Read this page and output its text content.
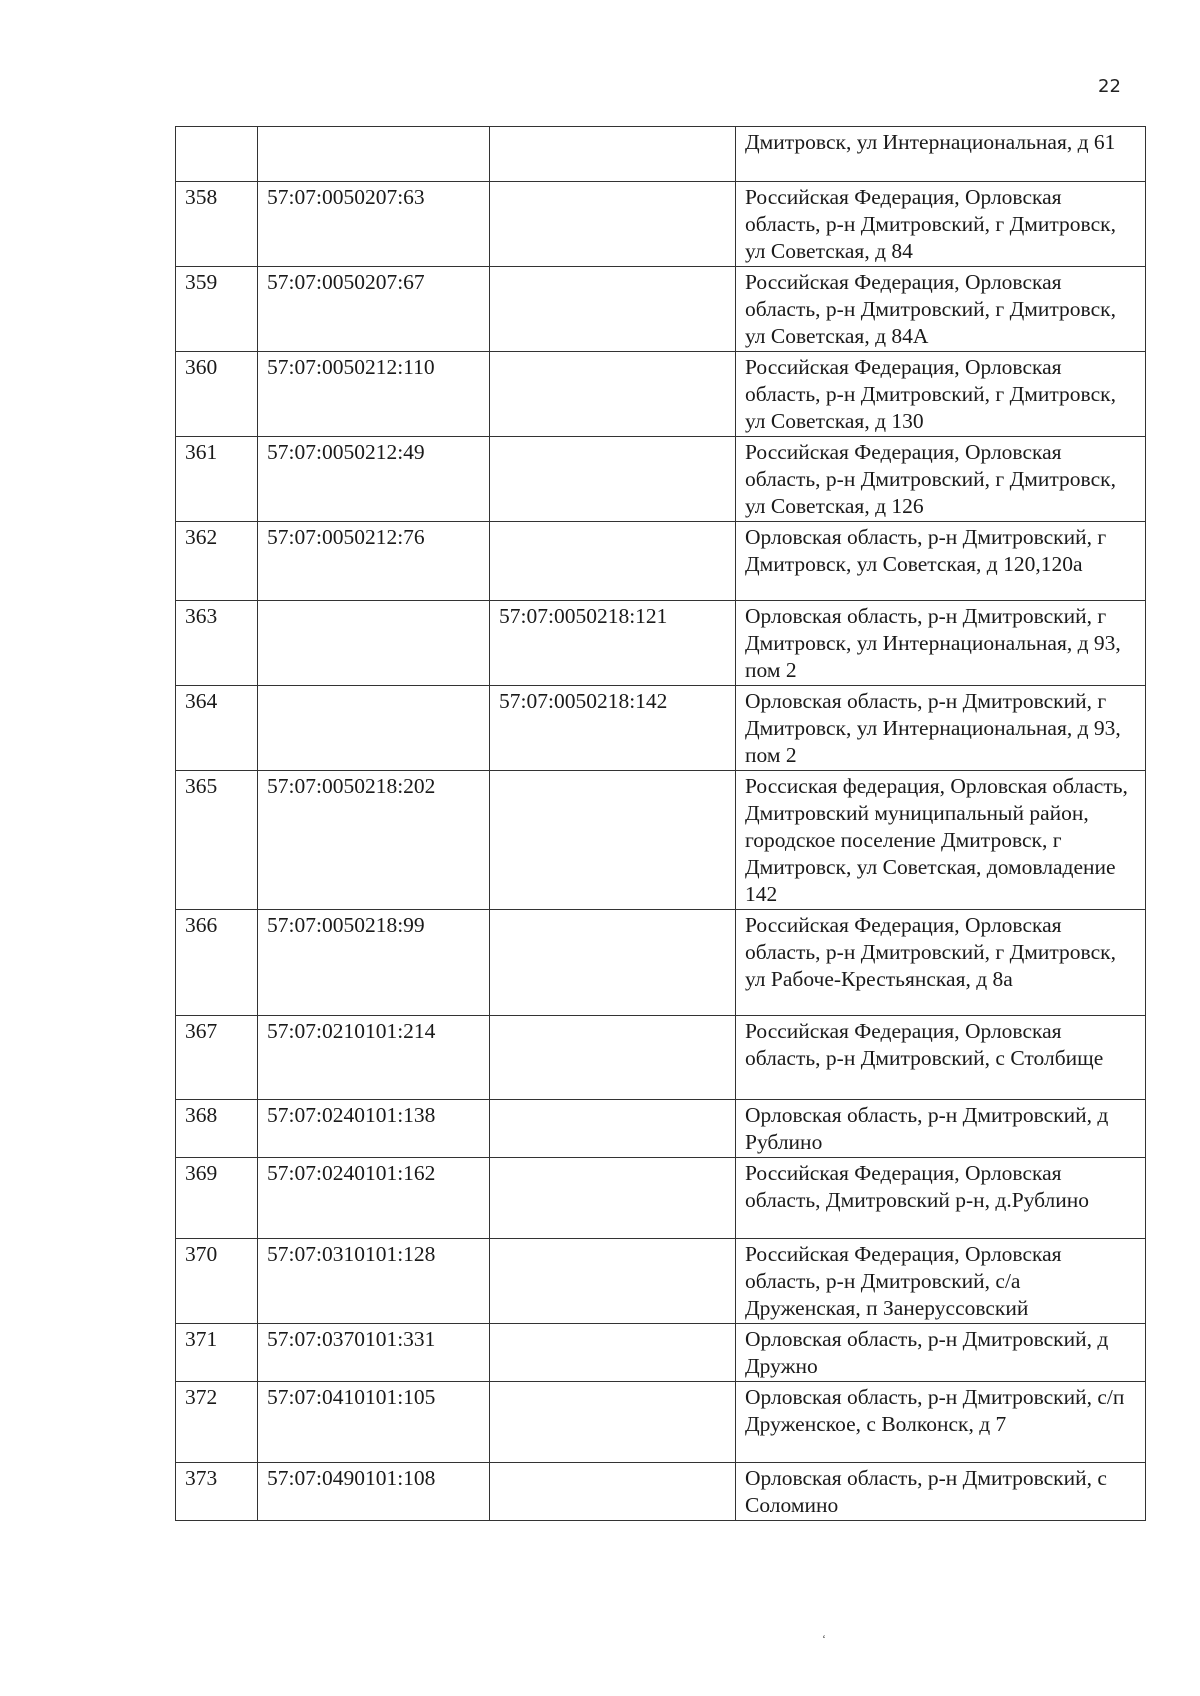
22
			Дмитровск, ул Интернациональная, д 61
358	57:07:0050207:63		Российская Федерация, Орловская область, р-н Дмитровский, г Дмитровск, ул Советская, д 84
359	57:07:0050207:67		Российская Федерация, Орловская область, р-н Дмитровский, г Дмитровск, ул Советская, д 84А
360	57:07:0050212:110		Российская Федерация, Орловская область, р-н Дмитровский, г Дмитровск, ул Советская, д 130
361	57:07:0050212:49		Российская Федерация, Орловская область, р-н Дмитровский, г Дмитровск, ул Советская, д 126
362	57:07:0050212:76		Орловская область, р-н Дмитровский, г Дмитровск, ул Советская, д 120,120а
363		57:07:0050218:121	Орловская область, р-н Дмитровский, г Дмитровск, ул Интернациональная, д 93, пом 2
364		57:07:0050218:142	Орловская область, р-н Дмитровский, г Дмитровск, ул Интернациональная, д 93, пом 2
365	57:07:0050218:202		Россиская федерация, Орловская область, Дмитровский муниципальный район, городское поселение Дмитровск, г Дмитровск, ул Советская, домовладение 142
366	57:07:0050218:99		Российская Федерация, Орловская область, р-н Дмитровский, г Дмитровск, ул Рабоче-Крестьянская, д 8а
367	57:07:0210101:214		Российская Федерация, Орловская область, р-н Дмитровский, с Столбище
368	57:07:0240101:138		Орловская область, р-н Дмитровский, д Рублино
369	57:07:0240101:162		Российская Федерация, Орловская область, Дмитровский р-н, д.Рублино
370	57:07:0310101:128		Российская Федерация, Орловская область, р-н Дмитровский, с/а Друженская, п Занеруссовский
371	57:07:0370101:331		Орловская область, р-н Дмитровский, д Дружно
372	57:07:0410101:105		Орловская область, р-н Дмитровский, с/п Друженское, с Волконск, д 7
373	57:07:0490101:108		Орловская область, р-н Дмитровский, с Соломино
‘
